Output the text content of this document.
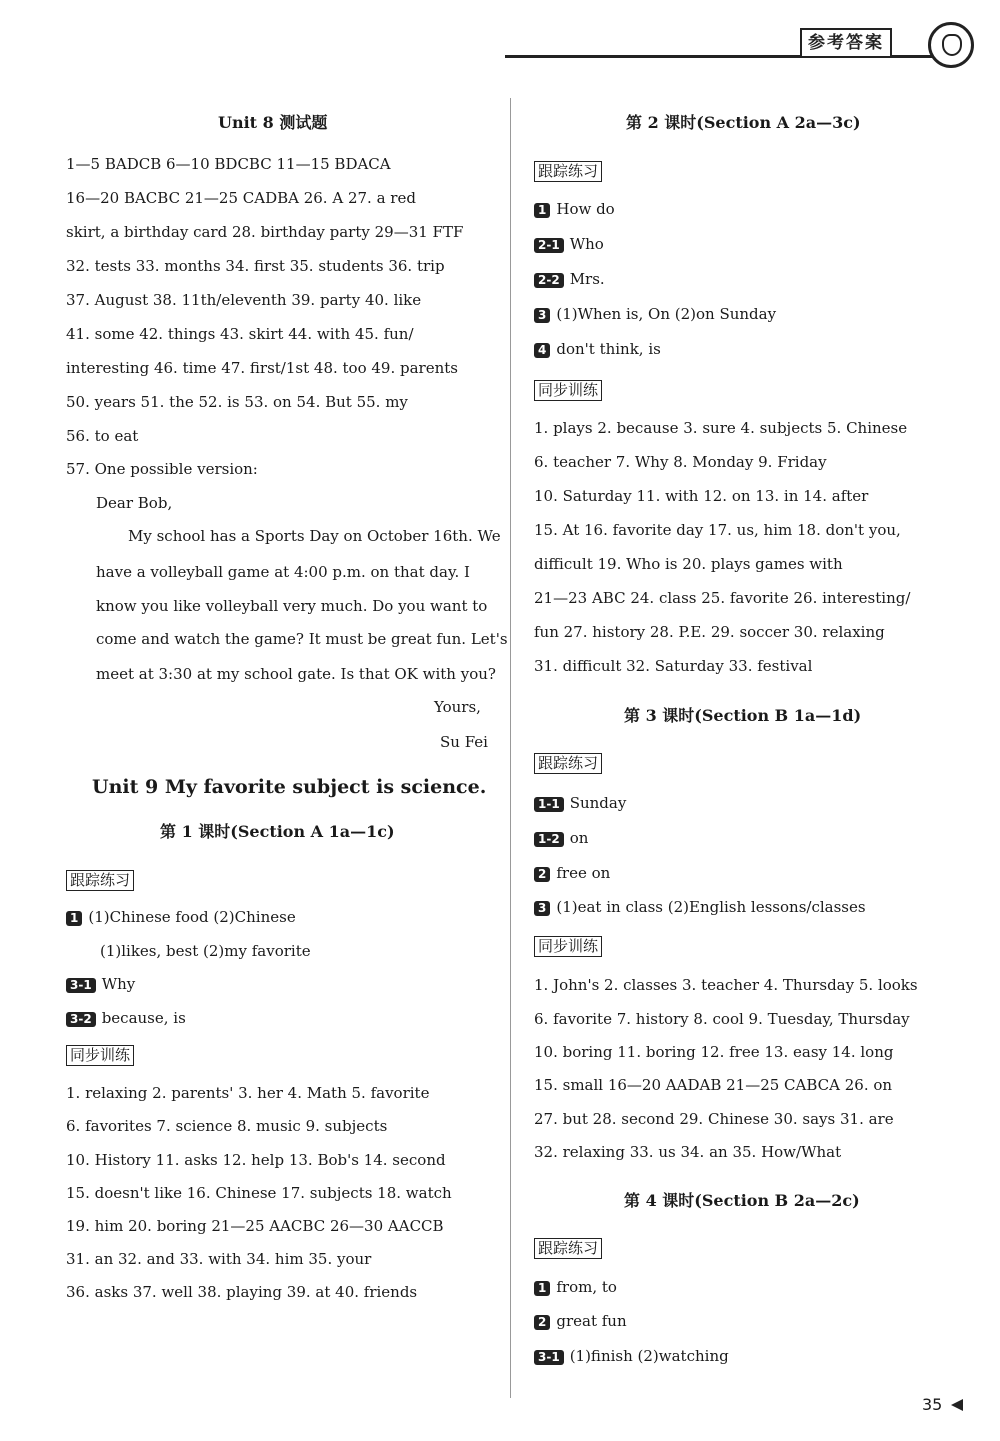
参考答案
Unit 8 测试题
1—5 BADCB 6—10 BDCBC 11—15 BDACA
16—20 BACBC 21—25 CADBA 26. A 27. a red
skirt, a birthday card 28. birthday party 29—31 FTF
32. tests 33. months 34. first 35. students 36. trip
37. August 38. 11th/eleventh 39. party 40. like
41. some 42. things 43. skirt 44. with 45. fun/
interesting 46. time 47. first/1st 48. too 49. parents
50. years 51. the 52. is 53. on 54. But 55. my
56. to eat
57. One possible version:
Dear Bob,
My school has a Sports Day on October 16th. We
have a volleyball game at 4:00 p.m. on that day. I
know you like volleyball very much. Do you want to
come and watch the game? It must be great fun. Let's
meet at 3:30 at my school gate. Is that OK with you?
Yours,
Su Fei
Unit 9 My favorite subject is science.
第 1 课时(Section A 1a—1c)
跟踪练习
1 (1)Chinese food (2)Chinese
(1)likes, best (2)my favorite
3-1 Why
3-2 because, is
同步训练
1. relaxing 2. parents' 3. her 4. Math 5. favorite
6. favorites 7. science 8. music 9. subjects
10. History 11. asks 12. help 13. Bob's 14. second
15. doesn't like 16. Chinese 17. subjects 18. watch
19. him 20. boring 21—25 AACBC 26—30 AACCB
31. an 32. and 33. with 34. him 35. your
36. asks 37. well 38. playing 39. at 40. friends
第 2 课时(Section A 2a—3c)
跟踪练习
1 How do
2-1 Who
2-2 Mrs.
3 (1)When is, On (2)on Sunday
4 don't think, is
同步训练
1. plays 2. because 3. sure 4. subjects 5. Chinese
6. teacher 7. Why 8. Monday 9. Friday
10. Saturday 11. with 12. on 13. in 14. after
15. At 16. favorite day 17. us, him 18. don't you,
difficult 19. Who is 20. plays games with
21—23 ABC 24. class 25. favorite 26. interesting/
fun 27. history 28. P.E. 29. soccer 30. relaxing
31. difficult 32. Saturday 33. festival
第 3 课时(Section B 1a—1d)
跟踪练习
1-1 Sunday
1-2 on
2 free on
3 (1)eat in class (2)English lessons/classes
同步训练
1. John's 2. classes 3. teacher 4. Thursday 5. looks
6. favorite 7. history 8. cool 9. Tuesday, Thursday
10. boring 11. boring 12. free 13. easy 14. long
15. small 16—20 AADAB 21—25 CABCA 26. on
27. but 28. second 29. Chinese 30. says 31. are
32. relaxing 33. us 34. an 35. How/What
第 4 课时(Section B 2a—2c)
跟踪练习
1 from, to
2 great fun
3-1 (1)finish (2)watching
35
